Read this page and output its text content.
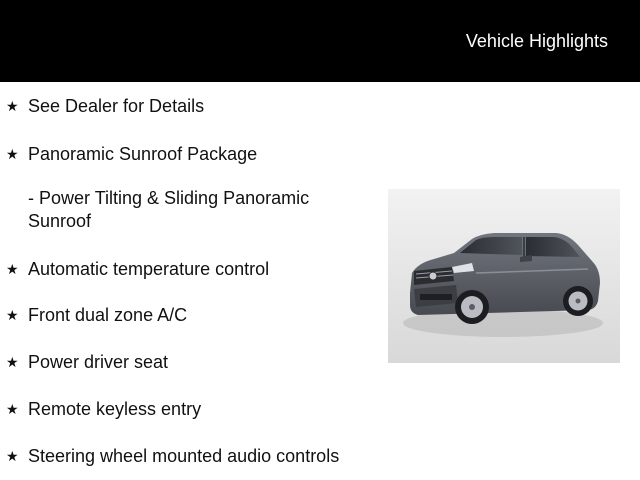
Vehicle Highlights
★ See Dealer for Details
★ Panoramic Sunroof Package
- Power Tilting & Sliding Panoramic Sunroof
★ Automatic temperature control
★ Front dual zone A/C
★ Power driver seat
★ Remote keyless entry
★ Steering wheel mounted audio controls
